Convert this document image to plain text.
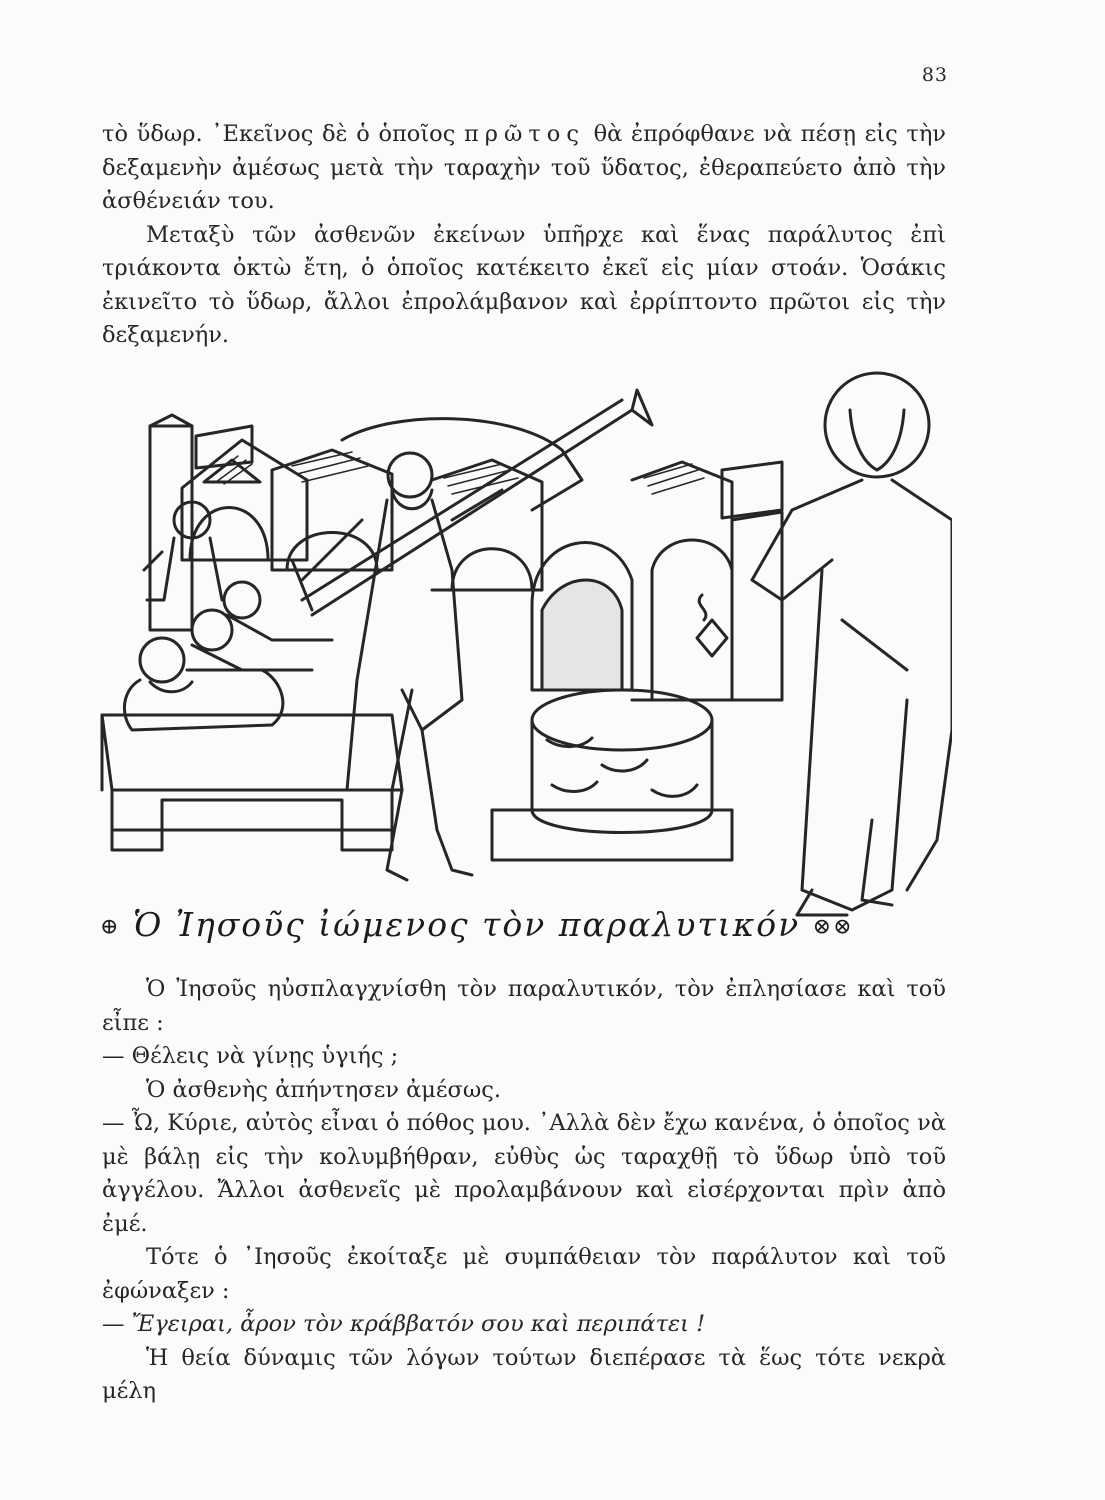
83

τὸ ὕδωρ. ᾿Εκεῖνος δὲ ὁ ὁποῖος πρῶτος θὰ ἐπρόφθανε νὰ πέσῃ εἰς τὴν δεξαμενὴν ἀμέσως μετὰ τὴν ταραχὴν τοῦ ὕδατος, ἐθεραπεύετο ἀπὸ τὴν ἀσθένειάν του.

Μεταξὺ τῶν ἀσθενῶν ἐκείνων ὑπῆρχε καὶ ἕνας παράλυτος ἐπὶ τριάκοντα ὀκτὼ ἔτη, ὁ ὁποῖος κατέκειτο ἐκεῖ εἰς μίαν στοάν. Ὁσάκις ἐκινεῖτο τὸ ὕδωρ, ἄλλοι ἐπρολάμβανον καὶ ἐρρίπτοντο πρῶτοι εἰς τὴν δεξαμενήν.

⊕ Ὁ Ἰησοῦς ἰώμενος τὸν παραλυτικόν ⊗⊗

Ὁ Ἰησοῦς ηὐσπλαγχνίσθη τὸν παραλυτικόν, τὸν ἐπλησίασε καὶ τοῦ εἶπε :

— Θέλεις νὰ γίνῃς ὑγιής ;

Ὁ ἀσθενὴς ἀπήντησεν ἀμέσως.

— Ὦ, Κύριε, αὐτὸς εἶναι ὁ πόθος μου. ᾿Αλλὰ δὲν ἔχω κανένα, ὁ ὁποῖος νὰ μὲ βάλῃ εἰς τὴν κολυμβήθραν, εὐθὺς ὡς ταραχθῇ τὸ ὕδωρ ὑπὸ τοῦ ἀγγέλου. Ἄλλοι ἀσθενεῖς μὲ προλαμβάνουν καὶ εἰσέρχονται πρὶν ἀπὸ ἐμέ.

Τότε ὁ ᾿Ιησοῦς ἐκοίταξε μὲ συμπάθειαν τὸν παράλυτον καὶ τοῦ ἐφώναξεν :

— Ἔγειραι, ἆρον τὸν κράββατόν σου καὶ περιπάτει !

Ἡ θεία δύναμις τῶν λόγων τούτων διεπέρασε τὰ ἕως τότε νεκρὰ μέλη
